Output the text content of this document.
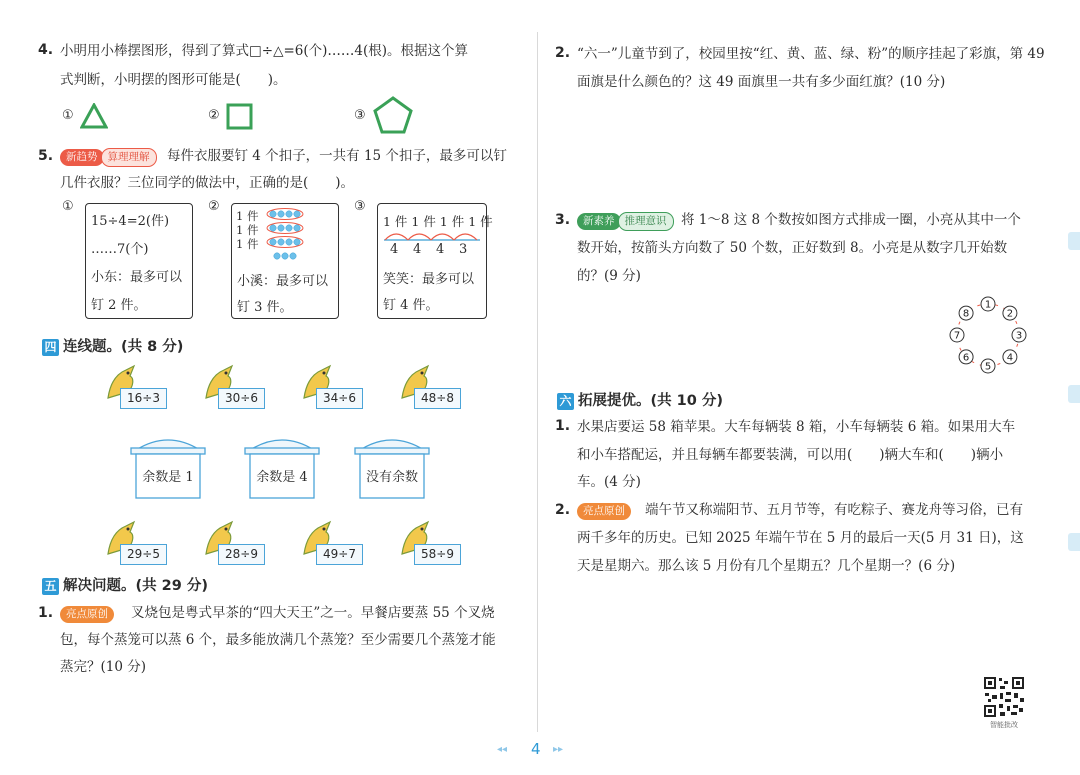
4. 小明用小棒摆图形，得到了算式□÷△=6(个)……4(根)。根据这个算
式判断，小明摆的图形可能是(　　)。
①	②	③
5.	新趋势 算理理解	每件衣服要钉 4 个扣子，一共有 15 个扣子，最多可以钉
几件衣服？三位同学的做法中，正确的是(　　)。
①
15÷4=2(件)
……7(个)
小东：最多可以
钉 2 件。
②
1 件
1 件
1 件
小溪：最多可以
钉 3 件。
③
1 件 1 件 1 件 1 件
4 4 4 3
笑笑：最多可以
钉 4 件。
四 连线题。(共 8 分)
16÷3	30÷6	34÷6	48÷8
余数是 1	余数是 4	没有余数
29÷5	28÷9	49÷7	58÷9
五 解决问题。(共 29 分)
1.	亮点原创	叉烧包是粤式早茶的“四大天王”之一。早餐店要蒸 55 个叉烧
包，每个蒸笼可以蒸 6 个，最多能放满几个蒸笼？至少需要几个蒸笼才能
蒸完？(10 分)
2. “六一”儿童节到了，校园里按“红、黄、蓝、绿、粉”的顺序挂起了彩旗，第 49
面旗是什么颜色的？这 49 面旗里一共有多少面红旗？(10 分)
3.	新素养 推理意识	将 1～8 这 8 个数按如图方式排成一圈，小亮从其中一个
数开始，按箭头方向数了 50 个数，正好数到 8。小亮是从数字几开始数
的？(9 分)
1
2
3
4
5
6
7
8
六 拓展提优。(共 10 分)
1. 水果店要运 58 箱苹果。大车每辆装 8 箱，小车每辆装 6 箱。如果用大车
和小车搭配运，并且每辆车都要装满，可以用(　　)辆大车和(　　)辆小
车。(4 分)
2.	亮点原创	端午节又称端阳节、五月节等，有吃粽子、赛龙舟等习俗，已有
两千多年的历史。已知 2025 年端午节在 5 月的最后一天(5 月 31 日)，这
天是星期六。那么该 5 月份有几个星期五？几个星期一？(6 分)
智能批改
◂◂ 4 ▸▸
